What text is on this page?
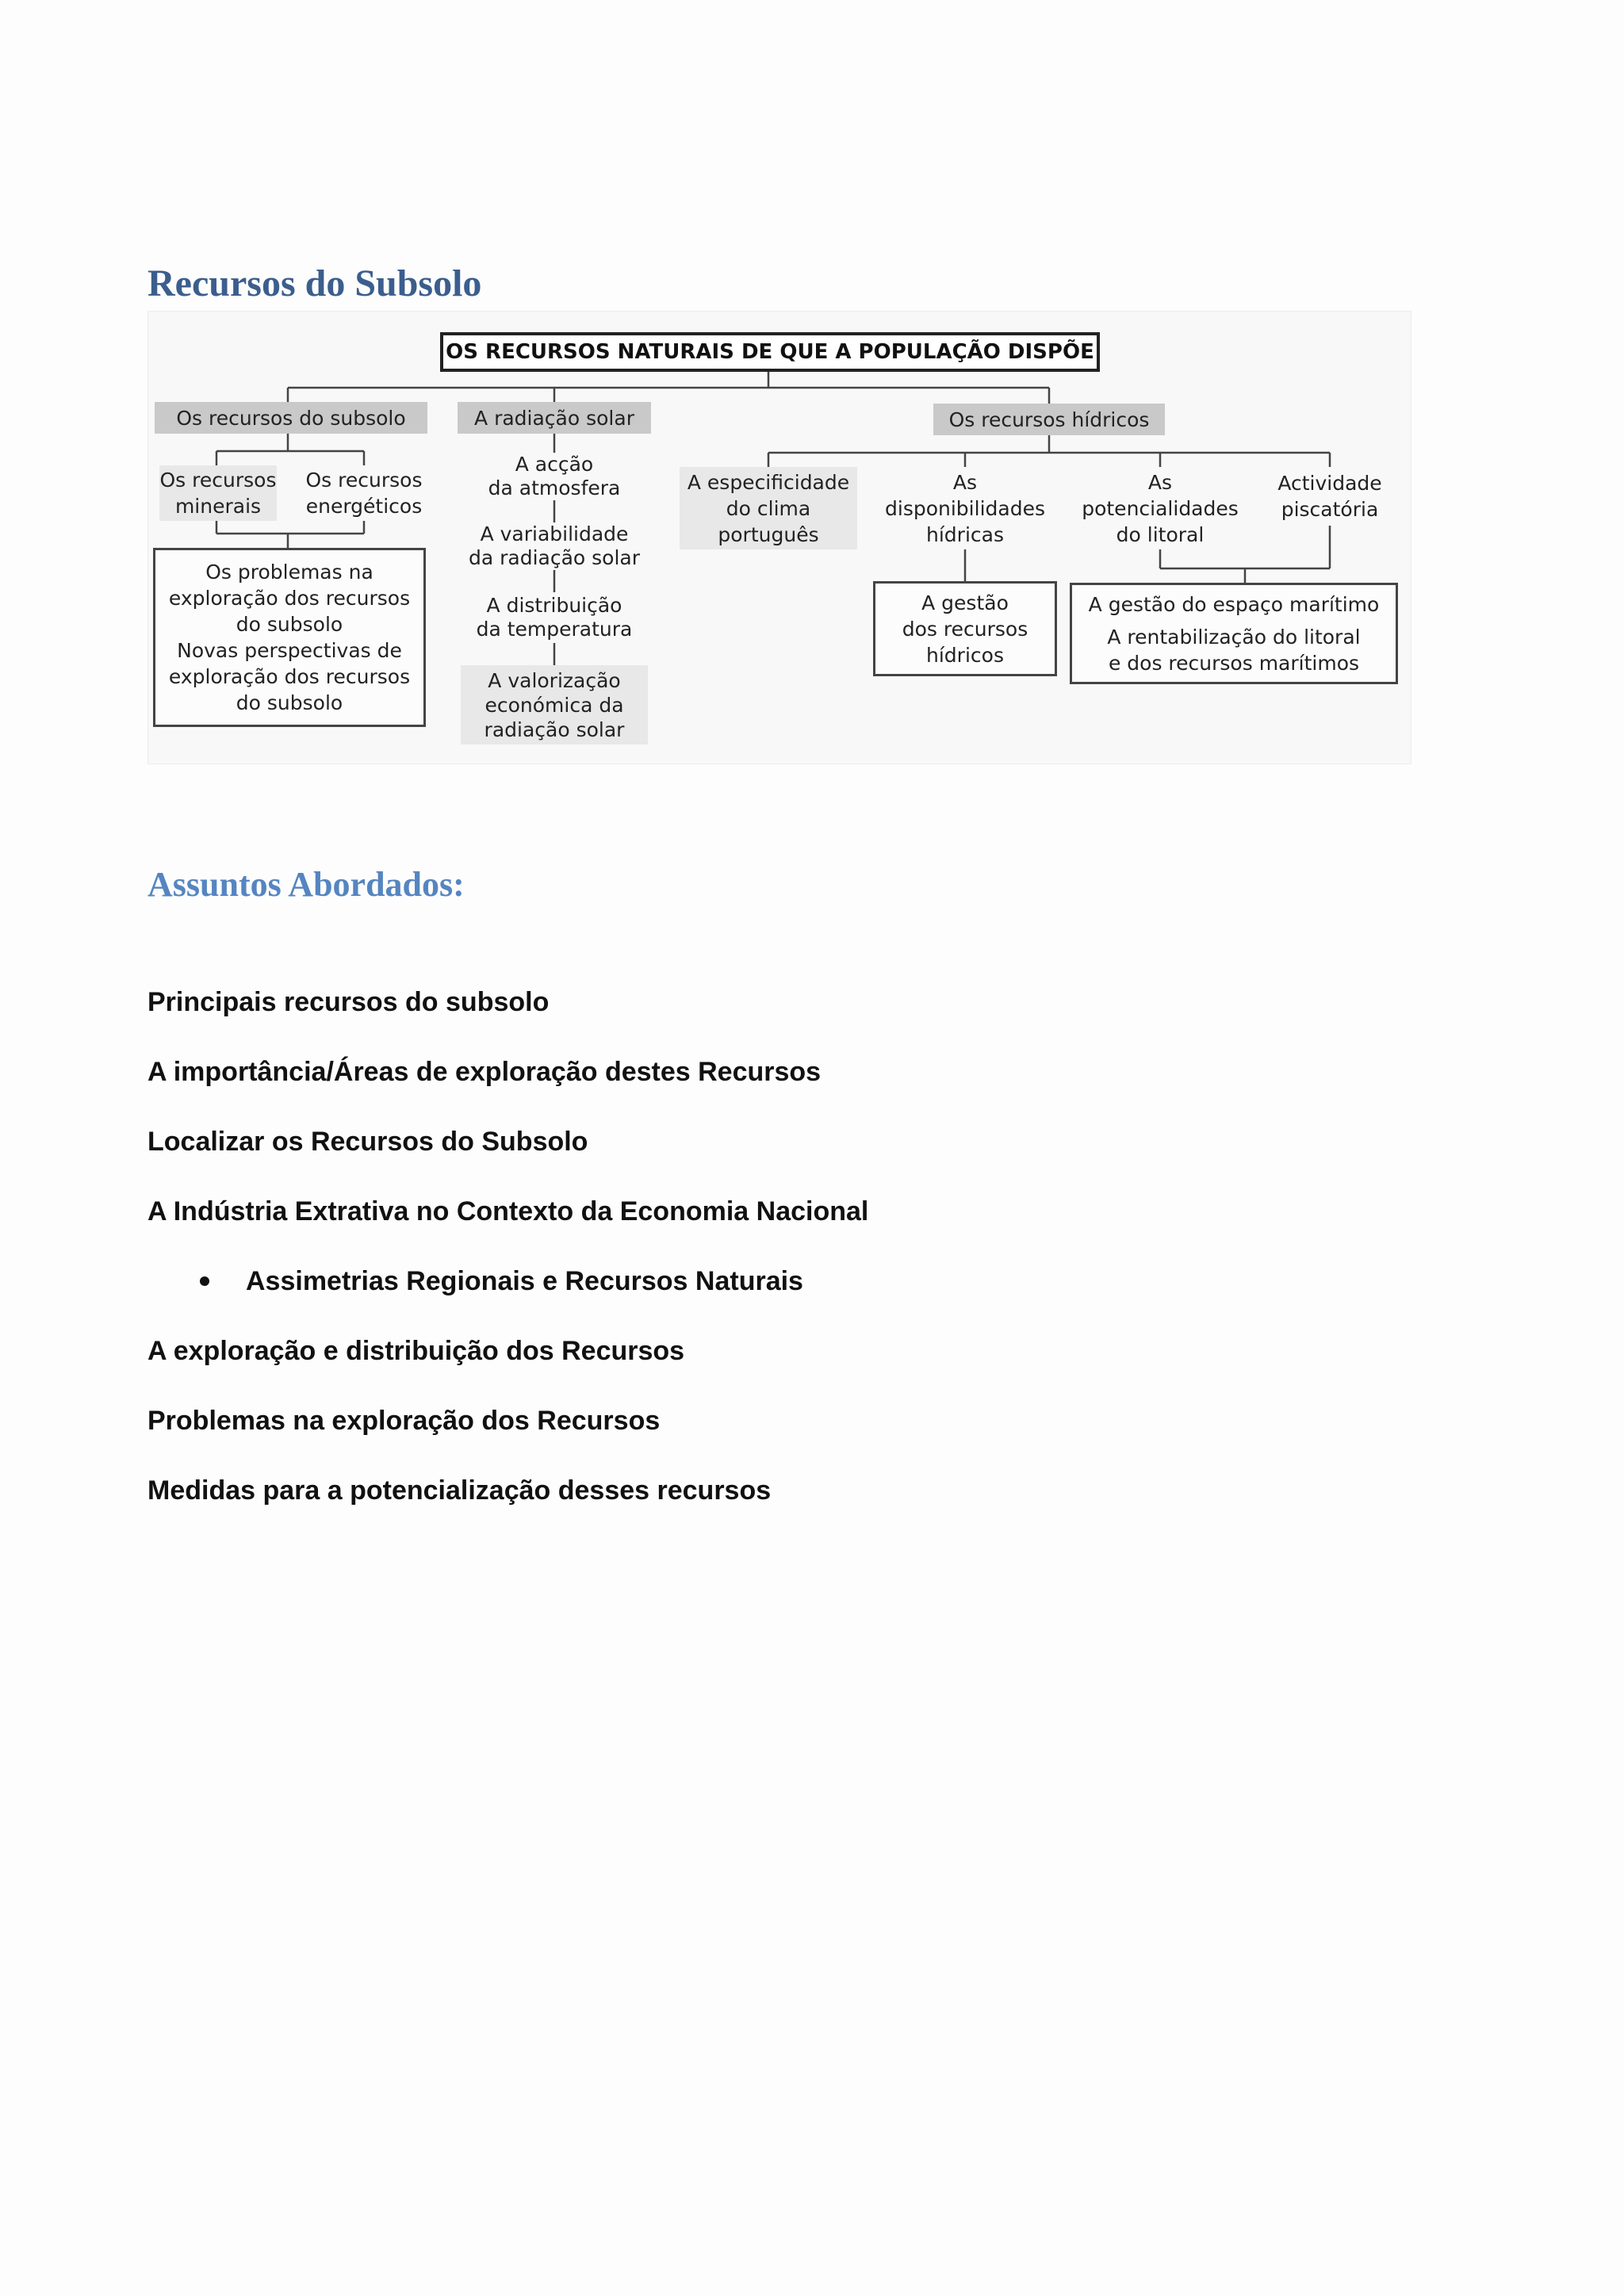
Recursos do Subsolo
OS RECURSOS NATURAIS DE QUE A POPULAÇÃO DISPÕE
Os recursos do subsolo
Os recursos
minerais
Os recursos
energéticos
Os problemas na
exploração dos recursos
do subsolo
Novas perspectivas de
exploração dos recursos
do subsolo
A radiação solar
A acção
da atmosfera
A variabilidade
da radiação solar
A distribuição
da temperatura
A valorização
económica da
radiação solar
Os recursos hídricos
A especificidade
do clima
português
As
disponibilidades
hídricas
As
potencialidades
do litoral
Actividade
piscatória
A gestão
dos recursos
hídricos
A gestão do espaço marítimo
A rentabilização do litoral
e dos recursos marítimos
Assuntos Abordados:
Principais recursos do subsolo
A importância/Áreas de exploração destes Recursos
Localizar os Recursos do Subsolo
A Indústria Extrativa no Contexto da Economia Nacional
Assimetrias Regionais e Recursos Naturais
A exploração e distribuição dos Recursos
Problemas na exploração dos Recursos
Medidas para a potencialização desses recursos
